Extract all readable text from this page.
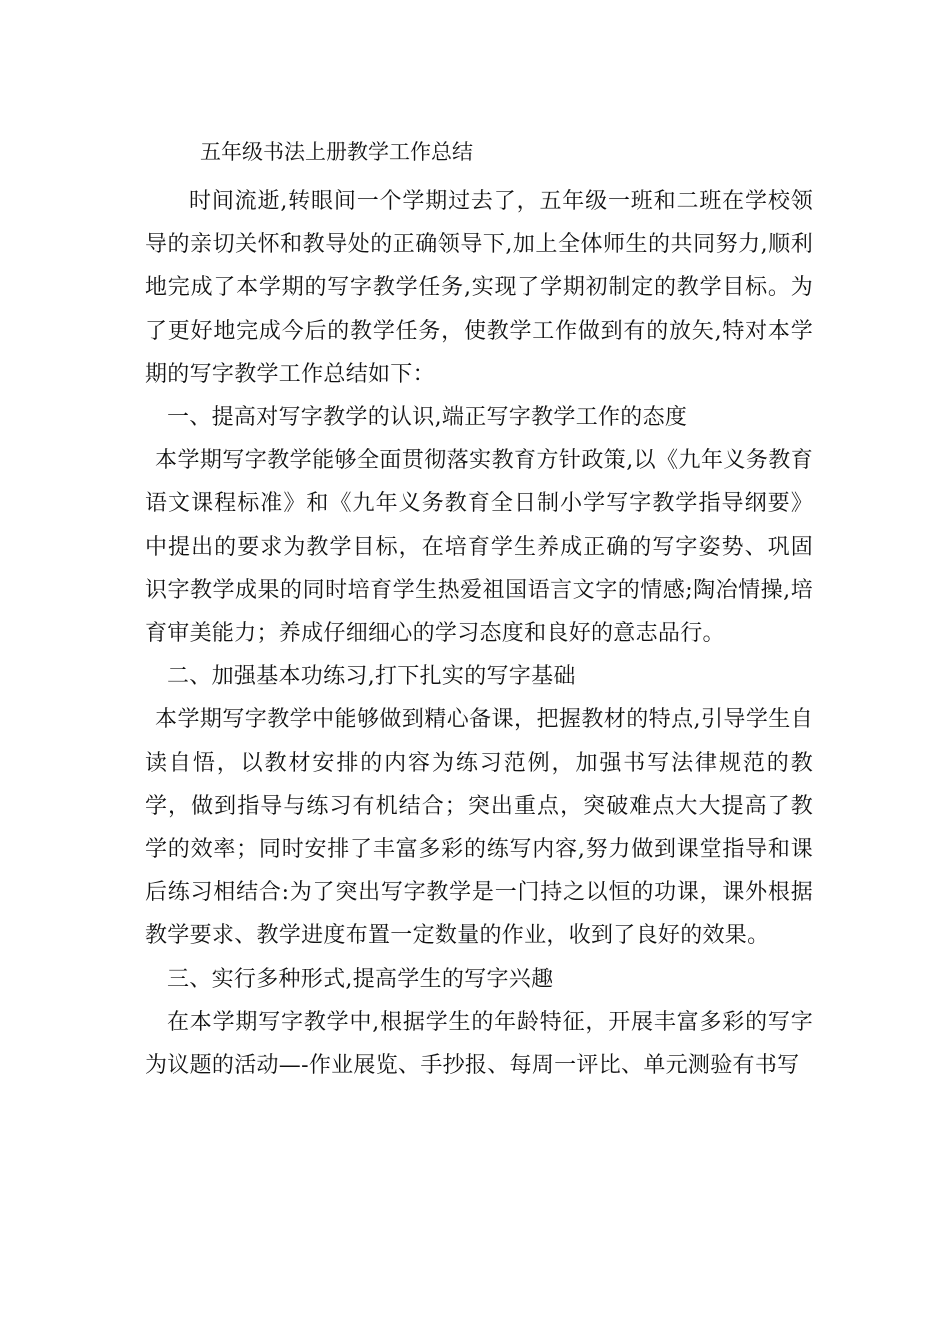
五年级书法上册教学工作总结

时间流逝,转眼间一个学期过去了，五年级一班和二班在学校领导的亲切关怀和教导处的正确领导下,加上全体师生的共同努力,顺利地完成了本学期的写字教学任务,实现了学期初制定的教学目标。为了更好地完成今后的教学任务，使教学工作做到有的放矢,特对本学期的写字教学工作总结如下：

一、提高对写字教学的认识,端正写字教学工作的态度

本学期写字教学能够全面贯彻落实教育方针政策,以《九年义务教育语文课程标准》和《九年义务教育全日制小学写字教学指导纲要》中提出的要求为教学目标，在培育学生养成正确的写字姿势、巩固识字教学成果的同时培育学生热爱祖国语言文字的情感;陶冶情操,培育审美能力；养成仔细细心的学习态度和良好的意志品行。

二、加强基本功练习,打下扎实的写字基础

本学期写字教学中能够做到精心备课，把握教材的特点,引导学生自读自悟，以教材安排的内容为练习范例，加强书写法律规范的教学，做到指导与练习有机结合；突出重点，突破难点大大提高了教学的效率；同时安排了丰富多彩的练写内容,努力做到课堂指导和课后练习相结合:为了突出写字教学是一门持之以恒的功课，课外根据教学要求、教学进度布置一定数量的作业，收到了良好的效果。

三、实行多种形式,提高学生的写字兴趣

在本学期写字教学中,根据学生的年龄特征，开展丰富多彩的写字为议题的活动—-作业展览、手抄报、每周一评比、单元测验有书写
